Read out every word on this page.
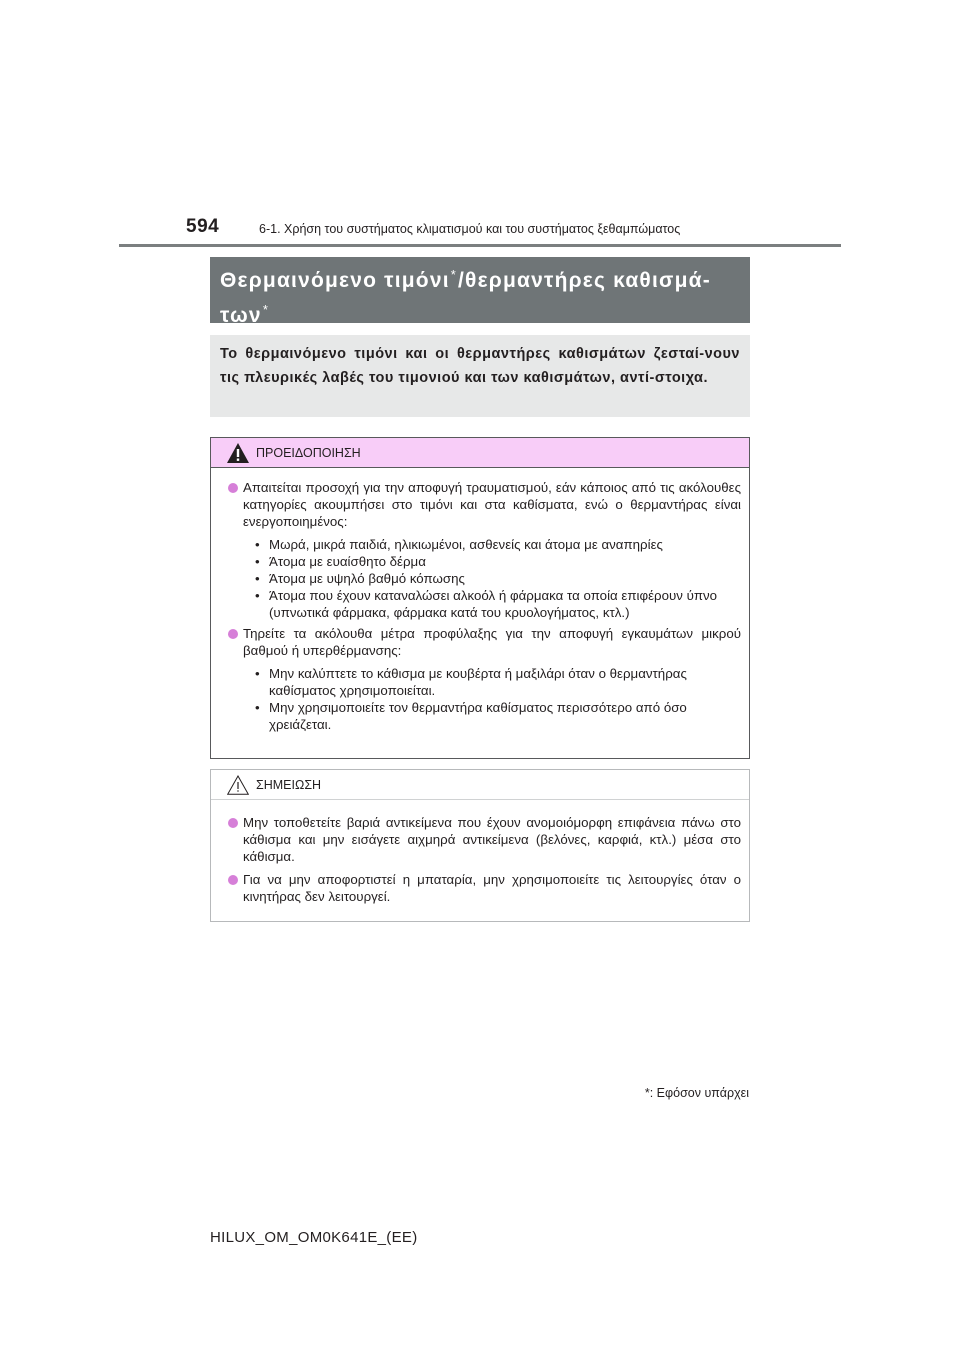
594	6-1. Χρήση του συστήματος κλιματισμού και του συστήματος ξεθαμπώματος
Θερμαινόμενο τιμόνι*/θερμαντήρες καθισμά-
των*
Το θερμαινόμενο τιμόνι και οι θερμαντήρες καθισμάτων ζεσταί-νουν τις πλευρικές λαβές του τιμονιού και των καθισμάτων, αντί-στοιχα.
ΠΡΟΕΙΔΟΠΟΙΗΣΗ
Απαιτείται προσοχή για την αποφυγή τραυματισμού, εάν κάποιος από τις ακόλουθες κατηγορίες ακουμπήσει στο τιμόνι και στα καθίσματα, ενώ ο θερμαντήρας είναι ενεργοποιημένος:
• Μωρά, μικρά παιδιά, ηλικιωμένοι, ασθενείς και άτομα με αναπηρίες
• Άτομα με ευαίσθητο δέρμα
• Άτομα με υψηλό βαθμό κόπωσης
• Άτομα που έχουν καταναλώσει αλκοόλ ή φάρμακα τα οποία επιφέρουν ύπνο (υπνωτικά φάρμακα, φάρμακα κατά του κρυολογήματος, κτλ.)
Τηρείτε τα ακόλουθα μέτρα προφύλαξης για την αποφυγή εγκαυμάτων μικρού βαθμού ή υπερθέρμανσης:
• Μην καλύπτετε το κάθισμα με κουβέρτα ή μαξιλάρι όταν ο θερμαντήρας καθίσματος χρησιμοποιείται.
• Μην χρησιμοποιείτε τον θερμαντήρα καθίσματος περισσότερο από όσο χρειάζεται.
ΣΗΜΕΙΩΣΗ
Μην τοποθετείτε βαριά αντικείμενα που έχουν ανομοιόμορφη επιφάνεια πάνω στο κάθισμα και μην εισάγετε αιχμηρά αντικείμενα (βελόνες, καρφιά, κτλ.) μέσα στο κάθισμα.
Για να μην αποφορτιστεί η μπαταρία, μην χρησιμοποιείτε τις λειτουργίες όταν ο κινητήρας δεν λειτουργεί.
*: Εφόσον υπάρχει
HILUX_OM_OM0K641E_(EE)
